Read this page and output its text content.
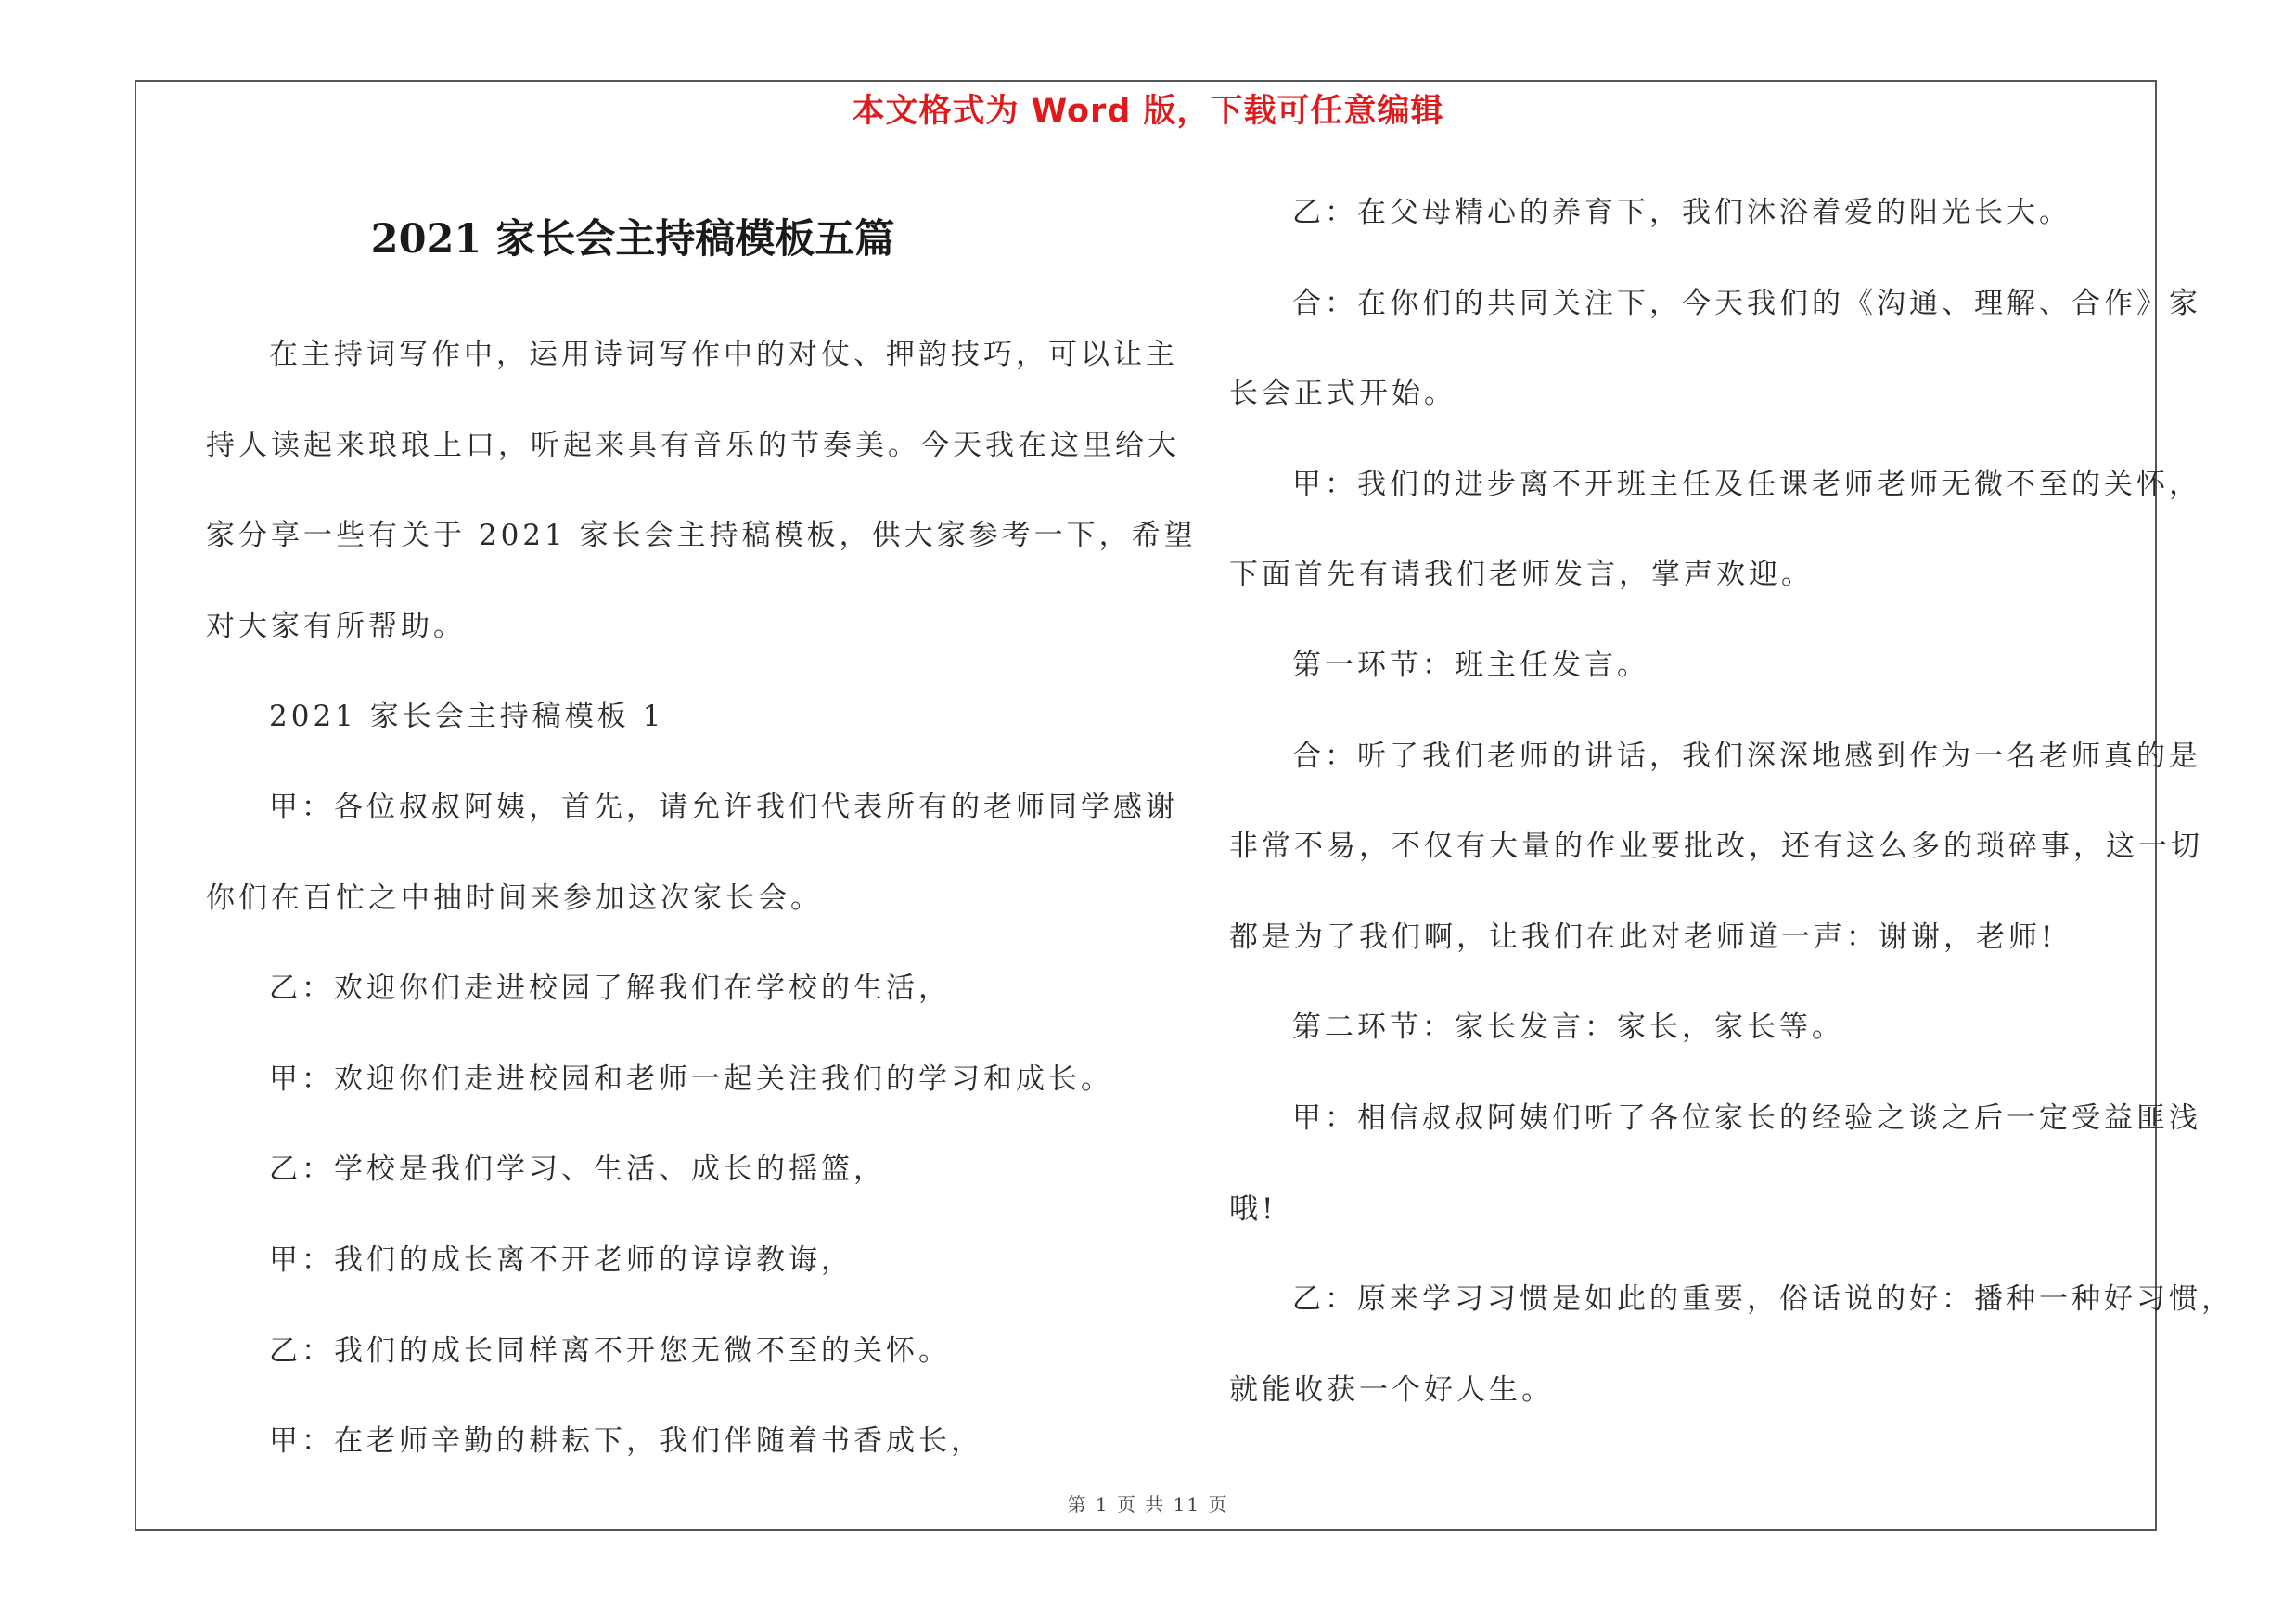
本文格式为 Word 版，下载可任意编辑
2021 家长会主持稿模板五篇
在主持词写作中，运用诗词写作中的对仗、押韵技巧，可以让主
持人读起来琅琅上口，听起来具有音乐的节奏美。今天我在这里给大
家分享一些有关于 2021 家长会主持稿模板，供大家参考一下，希望
对大家有所帮助。
2021 家长会主持稿模板 1
甲：各位叔叔阿姨，首先，请允许我们代表所有的老师同学感谢
你们在百忙之中抽时间来参加这次家长会。
乙：欢迎你们走进校园了解我们在学校的生活，
甲：欢迎你们走进校园和老师一起关注我们的学习和成长。
乙：学校是我们学习、生活、成长的摇篮，
甲：我们的成长离不开老师的谆谆教诲，
乙：我们的成长同样离不开您无微不至的关怀。
甲：在老师辛勤的耕耘下，我们伴随着书香成长，
乙：在父母精心的养育下，我们沐浴着爱的阳光长大。
合：在你们的共同关注下，今天我们的《沟通、理解、合作》家
长会正式开始。
甲：我们的进步离不开班主任及任课老师老师无微不至的关怀，
下面首先有请我们老师发言，掌声欢迎。
第一环节：班主任发言。
合：听了我们老师的讲话，我们深深地感到作为一名老师真的是
非常不易，不仅有大量的作业要批改，还有这么多的琐碎事，这一切
都是为了我们啊，让我们在此对老师道一声：谢谢，老师!
第二环节：家长发言：家长，家长等。
甲：相信叔叔阿姨们听了各位家长的经验之谈之后一定受益匪浅
哦!
乙：原来学习习惯是如此的重要，俗话说的好：播种一种好习惯，
就能收获一个好人生。
第 1 页 共 11 页
